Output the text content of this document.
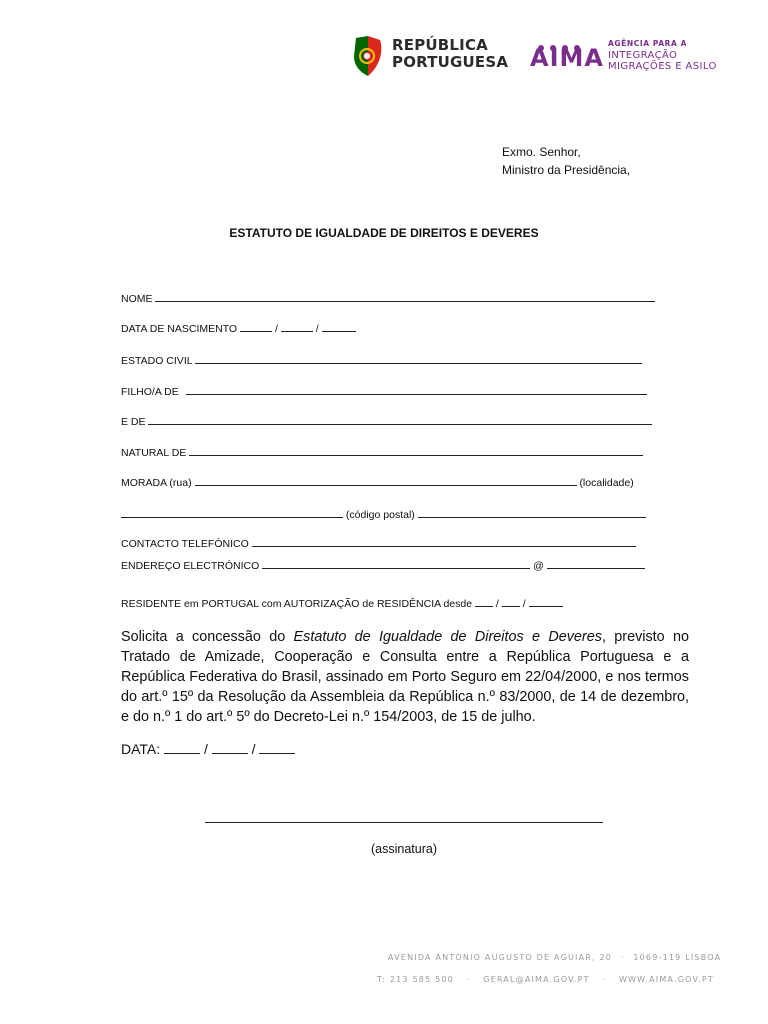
REPÚBLICA
PORTUGUESA AIMA
AGÊNCIA PARA A
INTEGRAÇÃO
MIGRAÇÕES E ASILO
Exmo. Senhor,
Ministro da Presidência,
ESTATUTO DE IGUALDADE DE DIREITOS E DEVERES
NOME
DATA DE NASCIMENTO	/	/
ESTADO CIVIL
FILHO/A DE
E DE
NATURAL DE
MORADA (rua)	(localidade)
(código postal)
CONTACTO TELEFÓNICO
ENDEREÇO ELECTRÓNICO	@
RESIDENTE em PORTUGAL com AUTORIZAÇÃO de RESIDÊNCIA desde / /
Solicita a concessão do Estatuto de Igualdade de Direitos e Deveres, previsto no Tratado de Amizade, Cooperação e Consulta entre a República Portuguesa e a República Federativa do Brasil, assinado em Porto Seguro em 22/04/2000, e nos termos do art.º 15º da Resolução da Assembleia da República n.º 83/2000, de 14 de dezembro, e do n.º 1 do art.º 5º do Decreto-Lei n.º 154/2003, de 15 de julho.
DATA:	/	/
(assinatura)
AVENIDA ANTÓNIO AUGUSTO DE AGUIAR, 20 · 1069-119 LISBOA
T: 213 585 500 · GERAL@AIMA.GOV.PT · WWW.AIMA.GOV.PT
